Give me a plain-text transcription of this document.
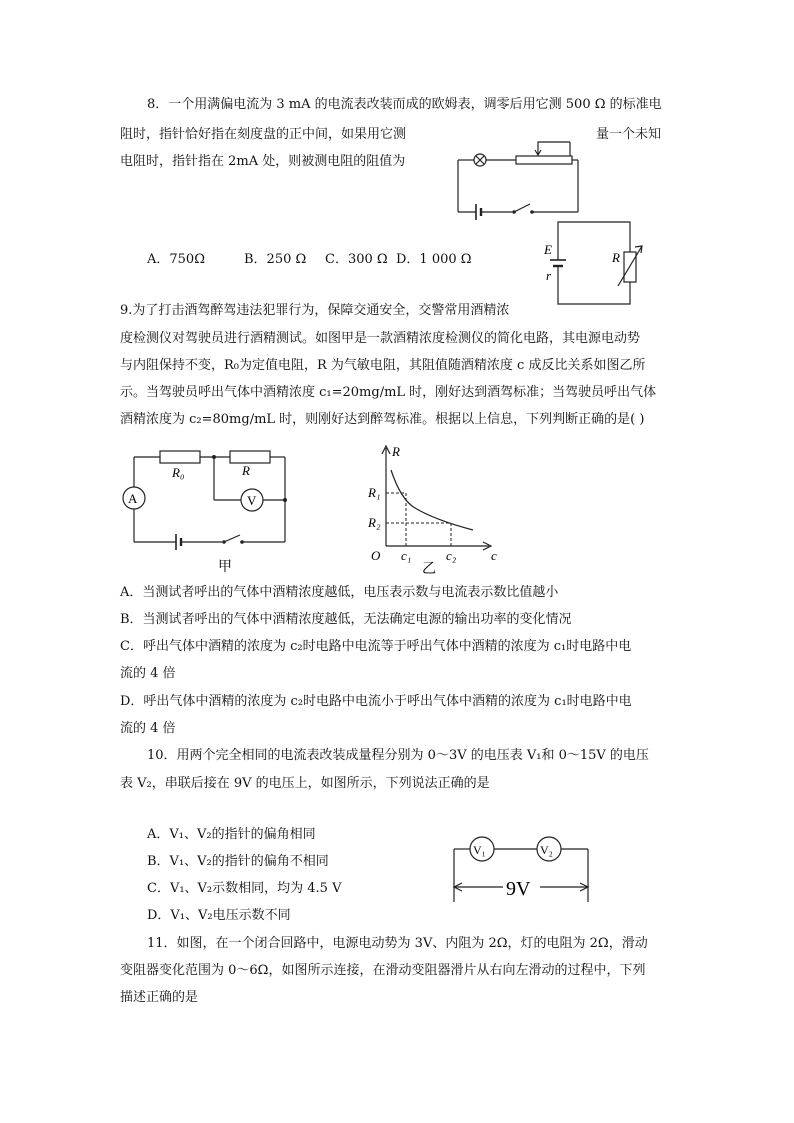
8．一个用满偏电流为 3 mA 的电流表改装而成的欧姆表，调零后用它测 500 Ω 的标准电
阻时，指针恰好指在刻度盘的正中间，如果用它测	量一个未知
电阻时，指针指在 2mA 处，则被测电阻的阻值为
E
r
R
A．750Ω	B．250 Ω C．300 Ω D．1 000 Ω
9.为了打击酒驾醉驾违法犯罪行为，保障交通安全，交警常用酒精浓
度检测仪对驾驶员进行酒精测试。如图甲是一款酒精浓度检测仪的简化电路，其电源电动势
与内阻保持不变，R₀为定值电阻，R 为气敏电阻，其阻值随酒精浓度 c 成反比关系如图乙所
示。当驾驶员呼出气体中酒精浓度 c₁=20mg/mL 时，刚好达到酒驾标准；当驾驶员呼出气体
酒精浓度为 c₂=80mg/mL 时，则刚好达到醉驾标准。根据以上信息，下列判断正确的是( )
A	V
R₀	R
甲
R
c
O
R₁
R₂
c₁	c₂
乙
A．当测试者呼出的气体中酒精浓度越低，电压表示数与电流表示数比值越小
B．当测试者呼出的气体中酒精浓度越低，无法确定电源的输出功率的变化情况
C．呼出气体中酒精的浓度为 c₂时电路中电流等于呼出气体中酒精的浓度为 c₁时电路中电
流的 4 倍
D．呼出气体中酒精的浓度为 c₂时电路中电流小于呼出气体中酒精的浓度为 c₁时电路中电
流的 4 倍
10．用两个完全相同的电流表改装成量程分别为 0～3V 的电压表 V₁和 0～15V 的电压
表 V₂，串联后接在 9V 的电压上，如图所示，下列说法正确的是
A．V₁、V₂的指针的偏角相同
B．V₁、V₂的指针的偏角不相同
C．V₁、V₂示数相同，均为 4.5 V
D．V₁、V₂电压示数不同
V₁	V₂
9V
11．如图，在一个闭合回路中，电源电动势为 3V、内阻为 2Ω，灯的电阻为 2Ω，滑动
变阻器变化范围为 0～6Ω，如图所示连接，在滑动变阻器滑片从右向左滑动的过程中，下列
描述正确的是
